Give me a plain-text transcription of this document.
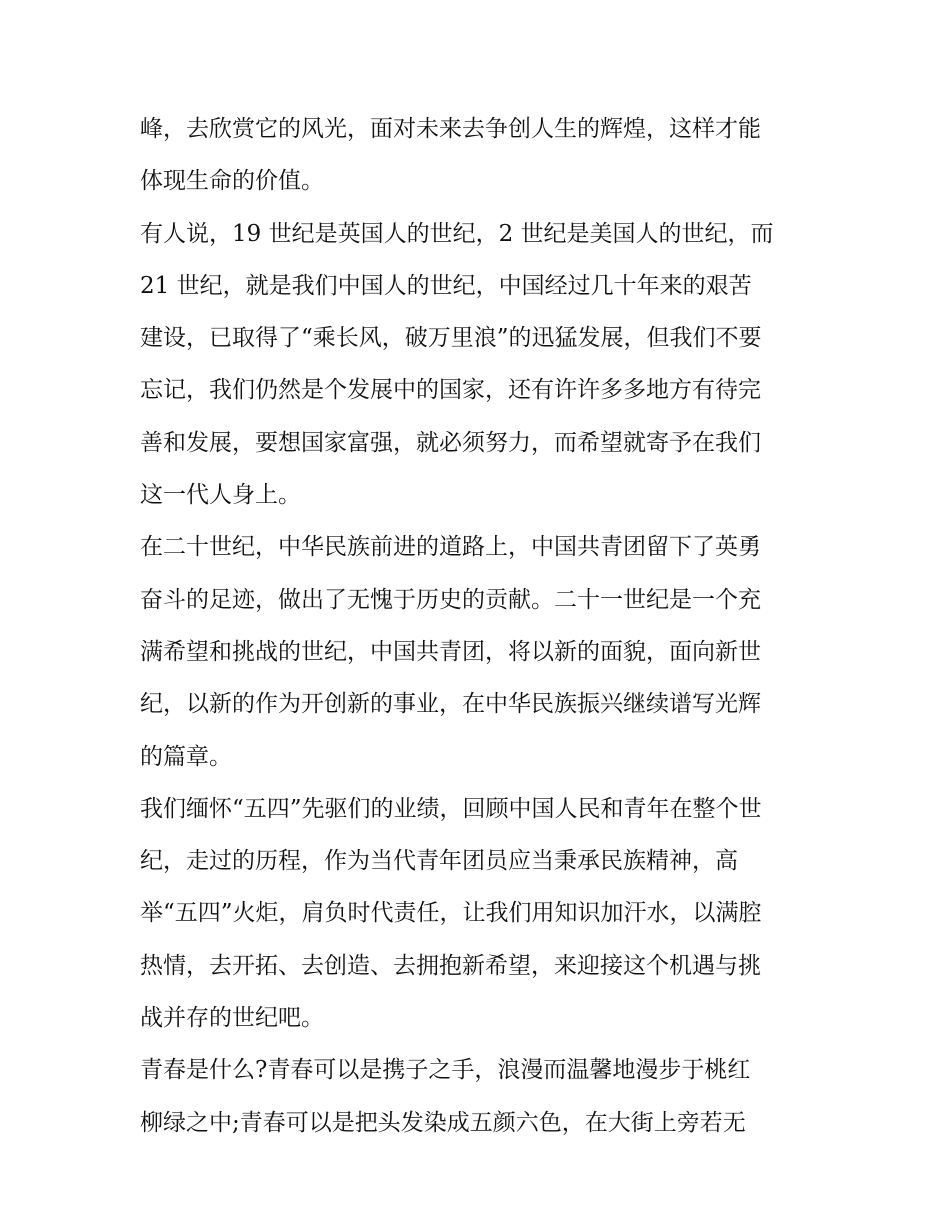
峰，去欣赏它的风光，面对未来去争创人生的辉煌，这样才能
体现生命的价值。
有人说，19 世纪是英国人的世纪，2 世纪是美国人的世纪，而
21 世纪，就是我们中国人的世纪，中国经过几十年来的艰苦
建设，已取得了“乘长风，破万里浪”的迅猛发展，但我们不要
忘记，我们仍然是个发展中的国家，还有许许多多地方有待完
善和发展，要想国家富强，就必须努力，而希望就寄予在我们
这一代人身上。
在二十世纪，中华民族前进的道路上，中国共青团留下了英勇
奋斗的足迹，做出了无愧于历史的贡献。二十一世纪是一个充
满希望和挑战的世纪，中国共青团，将以新的面貌，面向新世
纪，以新的作为开创新的事业，在中华民族振兴继续谱写光辉
的篇章。
我们缅怀“五四”先驱们的业绩，回顾中国人民和青年在整个世
纪，走过的历程，作为当代青年团员应当秉承民族精神，高
举“五四”火炬，肩负时代责任，让我们用知识加汗水，以满腔
热情，去开拓、去创造、去拥抱新希望，来迎接这个机遇与挑
战并存的世纪吧。
青春是什么?青春可以是携子之手，浪漫而温馨地漫步于桃红
柳绿之中;青春可以是把头发染成五颜六色，在大街上旁若无
